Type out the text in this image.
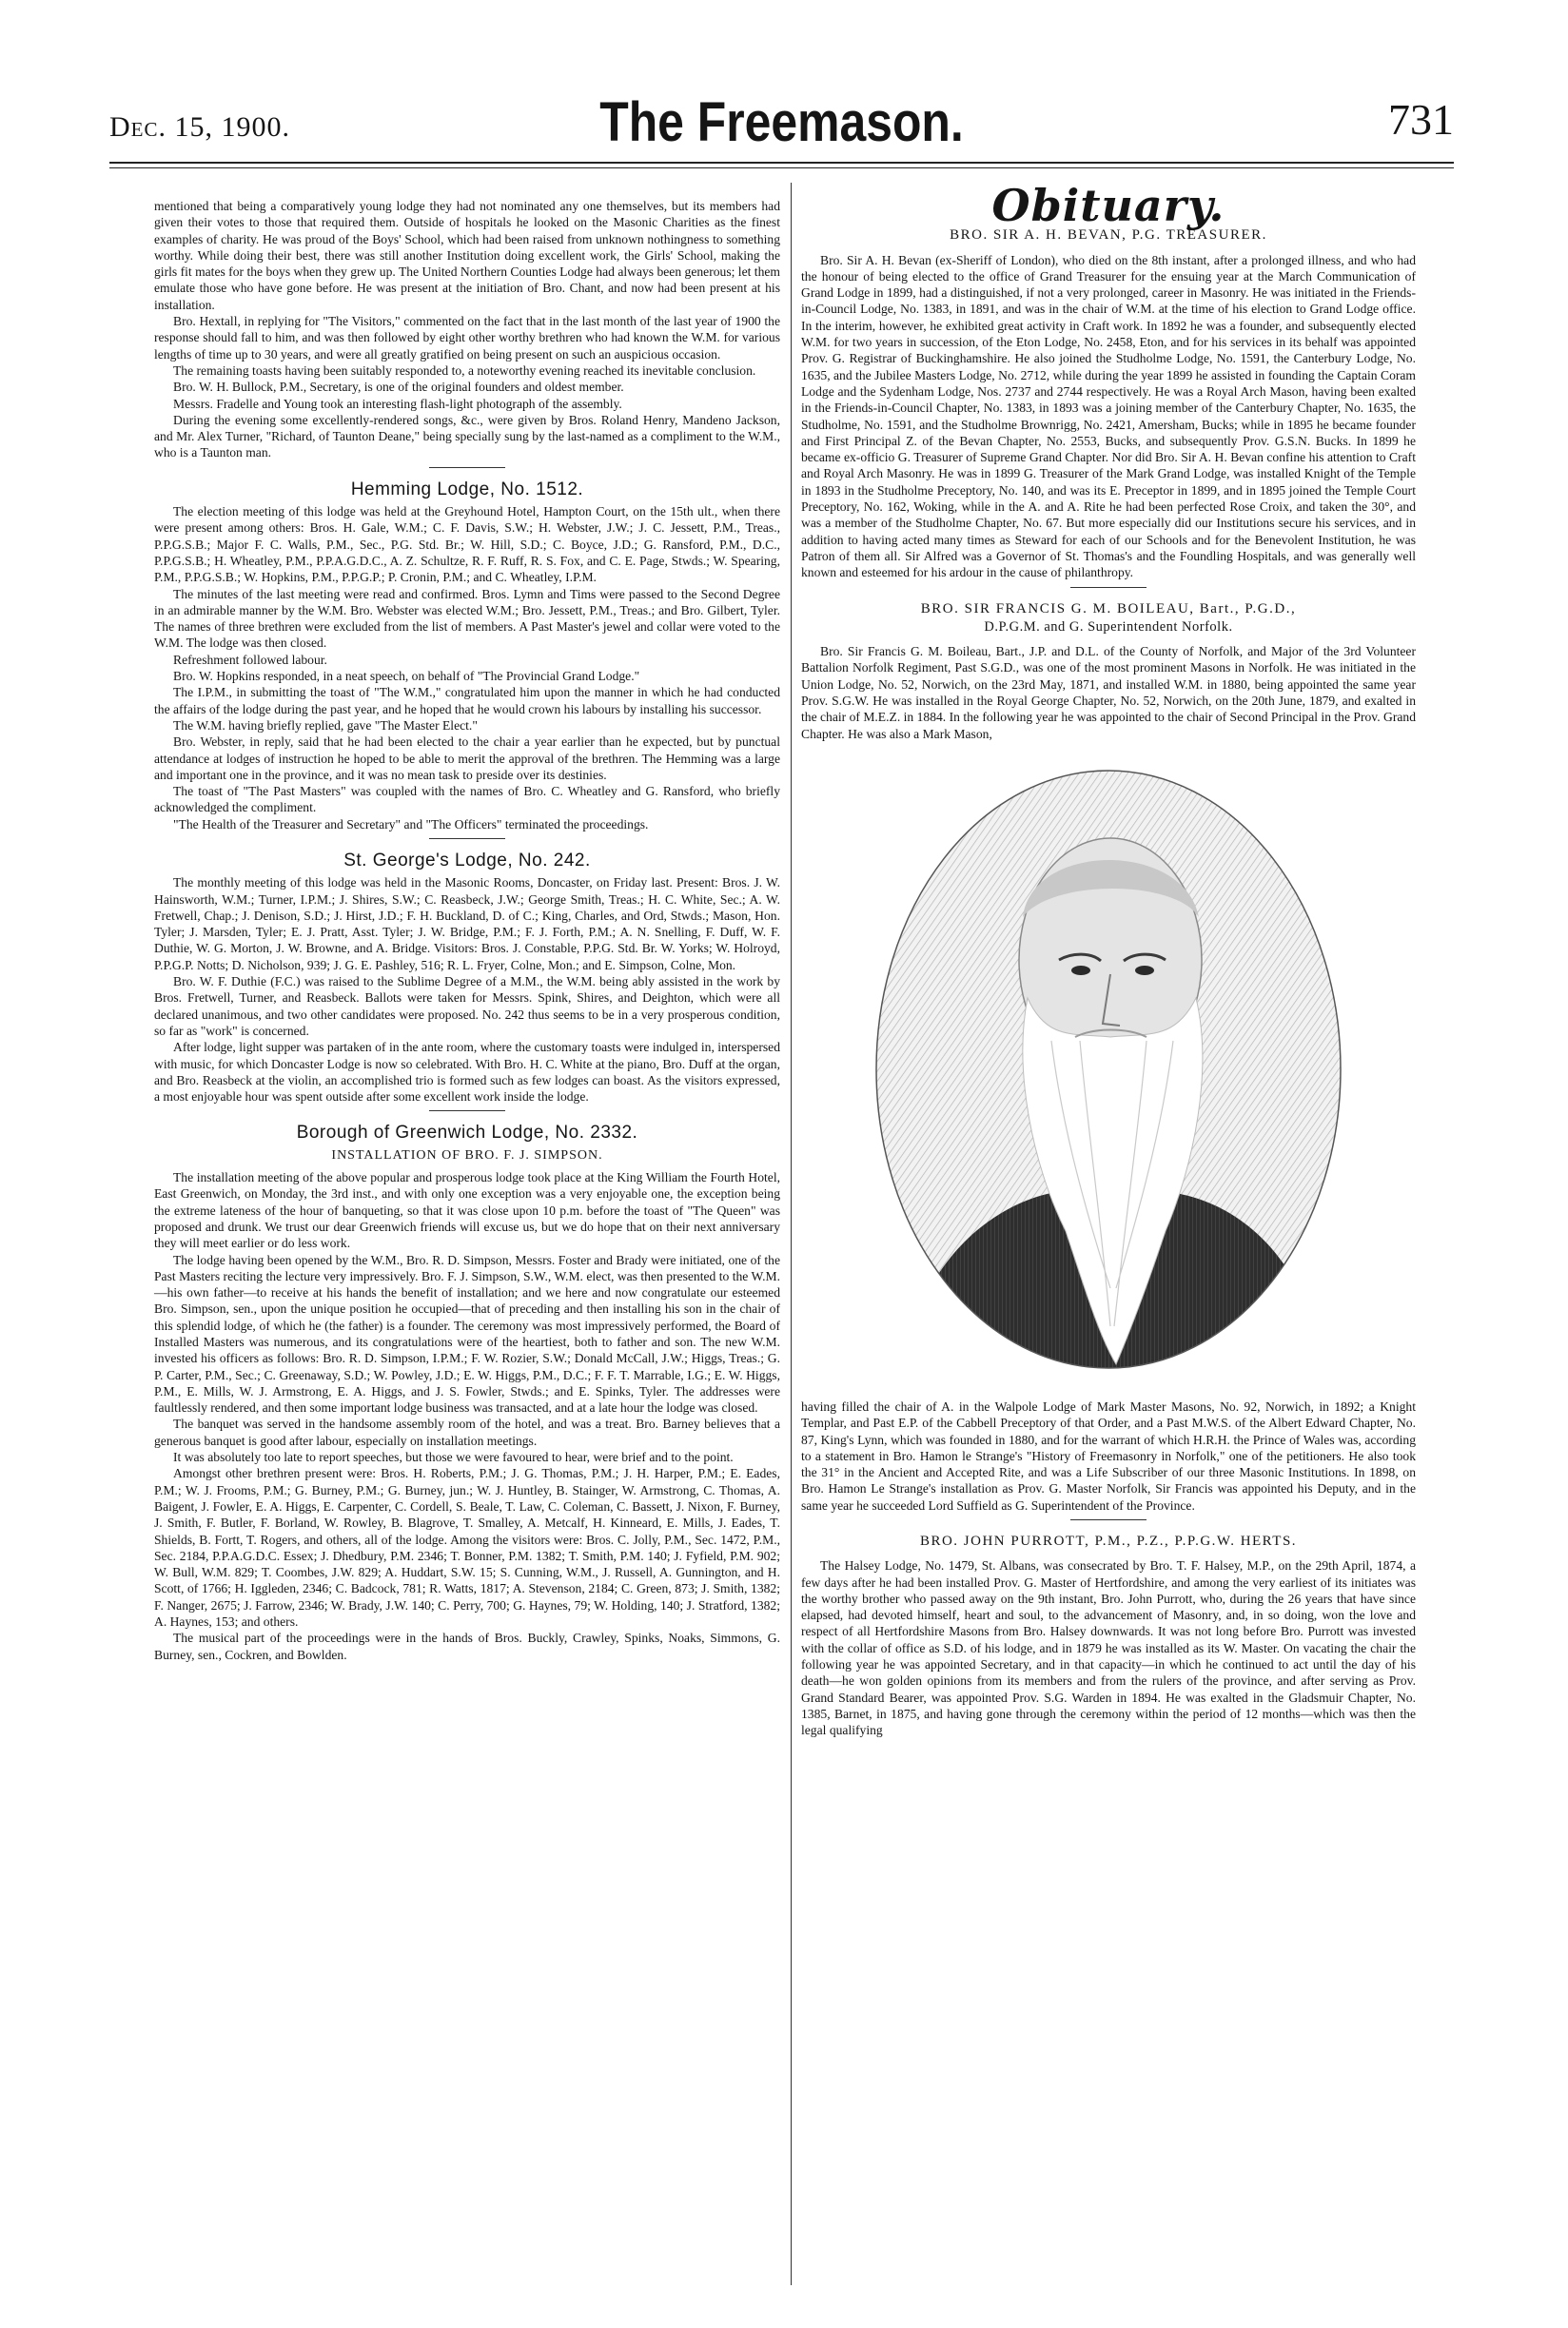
Dec. 15, 1900.	The Freemason.	731

mentioned that being a comparatively young lodge they had not nominated any one themselves, but its members had given their votes to those that required them. Outside of hospitals he looked on the Masonic Charities as the finest examples of charity. He was proud of the Boys' School, which had been raised from unknown nothingness to something worthy. While doing their best, there was still another Institution doing excellent work, the Girls' School, making the girls fit mates for the boys when they grew up. The United Northern Counties Lodge had always been generous; let them emulate those who have gone before. He was present at the initiation of Bro. Chant, and now had been present at his installation.

Bro. Hextall, in replying for "The Visitors," commented on the fact that in the last month of the last year of 1900 the response should fall to him, and was then followed by eight other worthy brethren who had known the W.M. for various lengths of time up to 30 years, and were all greatly gratified on being present on such an auspicious occasion.

The remaining toasts having been suitably responded to, a noteworthy evening reached its inevitable conclusion.

Bro. W. H. Bullock, P.M., Secretary, is one of the original founders and oldest member.

Messrs. Fradelle and Young took an interesting flash-light photograph of the assembly.

During the evening some excellently-rendered songs, &c., were given by Bros. Roland Henry, Mandeno Jackson, and Mr. Alex Turner, "Richard, of Taunton Deane," being specially sung by the last-named as a compliment to the W.M., who is a Taunton man.

Hemming Lodge, No. 1512.

The election meeting of this lodge was held at the Greyhound Hotel, Hampton Court, on the 15th ult., when there were present among others: Bros. H. Gale, W.M.; C. F. Davis, S.W.; H. Webster, J.W.; J. C. Jessett, P.M., Treas., P.P.G.S.B.; Major F. C. Walls, P.M., Sec., P.G. Std. Br.; W. Hill, S.D.; C. Boyce, J.D.; G. Ransford, P.M., D.C., P.P.G.S.B.; H. Wheatley, P.M., P.P.A.G.D.C., A. Z. Schultze, R. F. Ruff, R. S. Fox, and C. E. Page, Stwds.; W. Spearing, P.M., P.P.G.S.B.; W. Hopkins, P.M., P.P.G.P.; P. Cronin, P.M.; and C. Wheatley, I.P.M.

The minutes of the last meeting were read and confirmed. Bros. Lymn and Tims were passed to the Second Degree in an admirable manner by the W.M. Bro. Webster was elected W.M.; Bro. Jessett, P.M., Treas.; and Bro. Gilbert, Tyler. The names of three brethren were excluded from the list of members. A Past Master's jewel and collar were voted to the W.M. The lodge was then closed.

Refreshment followed labour.

Bro. W. Hopkins responded, in a neat speech, on behalf of "The Provincial Grand Lodge."

The I.P.M., in submitting the toast of "The W.M.," congratulated him upon the manner in which he had conducted the affairs of the lodge during the past year, and he hoped that he would crown his labours by installing his successor.

The W.M. having briefly replied, gave "The Master Elect."

Bro. Webster, in reply, said that he had been elected to the chair a year earlier than he expected, but by punctual attendance at lodges of instruction he hoped to be able to merit the approval of the brethren. The Hemming was a large and important one in the province, and it was no mean task to preside over its destinies.

The toast of "The Past Masters" was coupled with the names of Bro. C. Wheatley and G. Ransford, who briefly acknowledged the compliment.

"The Health of the Treasurer and Secretary" and "The Officers" terminated the proceedings.

St. George's Lodge, No. 242.

The monthly meeting of this lodge was held in the Masonic Rooms, Doncaster, on Friday last. Present: Bros. J. W. Hainsworth, W.M.; Turner, I.P.M.; J. Shires, S.W.; C. Reasbeck, J.W.; George Smith, Treas.; H. C. White, Sec.; A. W. Fretwell, Chap.; J. Denison, S.D.; J. Hirst, J.D.; F. H. Buckland, D. of C.; King, Charles, and Ord, Stwds.; Mason, Hon. Tyler; J. Marsden, Tyler; E. J. Pratt, Asst. Tyler; J. W. Bridge, P.M.; F. J. Forth, P.M.; A. N. Snelling, F. Duff, W. F. Duthie, W. G. Morton, J. W. Browne, and A. Bridge. Visitors: Bros. J. Constable, P.P.G. Std. Br. W. Yorks; W. Holroyd, P.P.G.P. Notts; D. Nicholson, 939; J. G. E. Pashley, 516; R. L. Fryer, Colne, Mon.; and E. Simpson, Colne, Mon.

Bro. W. F. Duthie (F.C.) was raised to the Sublime Degree of a M.M., the W.M. being ably assisted in the work by Bros. Fretwell, Turner, and Reasbeck. Ballots were taken for Messrs. Spink, Shires, and Deighton, which were all declared unanimous, and two other candidates were proposed. No. 242 thus seems to be in a very prosperous condition, so far as "work" is concerned.

After lodge, light supper was partaken of in the ante room, where the customary toasts were indulged in, interspersed with music, for which Doncaster Lodge is now so celebrated. With Bro. H. C. White at the piano, Bro. Duff at the organ, and Bro. Reasbeck at the violin, an accomplished trio is formed such as few lodges can boast. As the visitors expressed, a most enjoyable hour was spent outside after some excellent work inside the lodge.

Borough of Greenwich Lodge, No. 2332.
INSTALLATION OF BRO. F. J. SIMPSON.

The installation meeting of the above popular and prosperous lodge took place at the King William the Fourth Hotel, East Greenwich, on Monday, the 3rd inst., and with only one exception was a very enjoyable one, the exception being the extreme lateness of the hour of banqueting, so that it was close upon 10 p.m. before the toast of "The Queen" was proposed and drunk. We trust our dear Greenwich friends will excuse us, but we do hope that on their next anniversary they will meet earlier or do less work.

The lodge having been opened by the W.M., Bro. R. D. Simpson, Messrs. Foster and Brady were initiated, one of the Past Masters reciting the lecture very impressively. Bro. F. J. Simpson, S.W., W.M. elect, was then presented to the W.M.—his own father—to receive at his hands the benefit of installation; and we here and now congratulate our esteemed Bro. Simpson, sen., upon the unique position he occupied—that of preceding and then installing his son in the chair of this splendid lodge, of which he (the father) is a founder. The ceremony was most impressively performed, the Board of Installed Masters was numerous, and its congratulations were of the heartiest, both to father and son. The new W.M. invested his officers as follows: Bro. R. D. Simpson, I.P.M.; F. W. Rozier, S.W.; Donald McCall, J.W.; Higgs, Treas.; G. P. Carter, P.M., Sec.; C. Greenaway, S.D.; W. Powley, J.D.; E. W. Higgs, P.M., D.C.; F. F. T. Marrable, I.G.; E. W. Higgs, P.M., E. Mills, W. J. Armstrong, E. A. Higgs, and J. S. Fowler, Stwds.; and E. Spinks, Tyler. The addresses were faultlessly rendered, and then some important lodge business was transacted, and at a late hour the lodge was closed.

The banquet was served in the handsome assembly room of the hotel, and was a treat. Bro. Barney believes that a generous banquet is good after labour, especially on installation meetings.

It was absolutely too late to report speeches, but those we were favoured to hear, were brief and to the point.

Amongst other brethren present were: Bros. H. Roberts, P.M.; J. G. Thomas, P.M.; J. H. Harper, P.M.; E. Eades, P.M.; W. J. Frooms, P.M.; G. Burney, P.M.; G. Burney, jun.; W. J. Huntley, B. Stainger, W. Armstrong, C. Thomas, A. Baigent, J. Fowler, E. A. Higgs, E. Carpenter, C. Cordell, S. Beale, T. Law, C. Coleman, C. Bassett, J. Nixon, F. Burney, J. Smith, F. Butler, F. Borland, W. Rowley, B. Blagrove, T. Smalley, A. Metcalf, H. Kinneard, E. Mills, J. Eades, T. Shields, B. Fortt, T. Rogers, and others, all of the lodge. Among the visitors were: Bros. C. Jolly, P.M., Sec. 1472, P.M., Sec. 2184, P.P.A.G.D.C. Essex; J. Dhedbury, P.M. 2346; T. Bonner, P.M. 1382; T. Smith, P.M. 140; J. Fyfield, P.M. 902; W. Bull, W.M. 829; T. Coombes, J.W. 829; A. Huddart, S.W. 15; S. Cunning, W.M., J. Russell, A. Gunnington, and H. Scott, of 1766; H. Iggleden, 2346; C. Badcock, 781; R. Watts, 1817; A. Stevenson, 2184; C. Green, 873; J. Smith, 1382; F. Nanger, 2675; J. Farrow, 2346; W. Brady, J.W. 140; C. Perry, 700; G. Haynes, 79; W. Holding, 140; J. Stratford, 1382; A. Haynes, 153; and others.

The musical part of the proceedings were in the hands of Bros. Buckly, Crawley, Spinks, Noaks, Simmons, G. Burney, sen., Cockren, and Bowlden.

Obituary.
BRO. SIR A. H. BEVAN, P.G. TREASURER.

Bro. Sir A. H. Bevan (ex-Sheriff of London), who died on the 8th instant, after a prolonged illness, and who had the honour of being elected to the office of Grand Treasurer for the ensuing year at the March Communication of Grand Lodge in 1899, had a distinguished, if not a very prolonged, career in Masonry. He was initiated in the Friends-in-Council Lodge, No. 1383, in 1891, and was in the chair of W.M. at the time of his election to Grand Lodge office. In the interim, however, he exhibited great activity in Craft work. In 1892 he was a founder, and subsequently elected W.M. for two years in succession, of the Eton Lodge, No. 2458, Eton, and for his services in its behalf was appointed Prov. G. Registrar of Buckinghamshire. He also joined the Studholme Lodge, No. 1591, the Canterbury Lodge, No. 1635, and the Jubilee Masters Lodge, No. 2712, while during the year 1899 he assisted in founding the Captain Coram Lodge and the Sydenham Lodge, Nos. 2737 and 2744 respectively. He was a Royal Arch Mason, having been exalted in the Friends-in-Council Chapter, No. 1383, in 1893 was a joining member of the Canterbury Chapter, No. 1635, the Studholme, No. 1591, and the Studholme Brownrigg, No. 2421, Amersham, Bucks; while in 1895 he became founder and First Principal Z. of the Bevan Chapter, No. 2553, Bucks, and subsequently Prov. G.S.N. Bucks. In 1899 he became ex-officio G. Treasurer of Supreme Grand Chapter. Nor did Bro. Sir A. H. Bevan confine his attention to Craft and Royal Arch Masonry. He was in 1899 G. Treasurer of the Mark Grand Lodge, was installed Knight of the Temple in 1893 in the Studholme Preceptory, No. 140, and was its E. Preceptor in 1899, and in 1895 joined the Temple Court Preceptory, No. 162, Woking, while in the A. and A. Rite he had been perfected Rose Croix, and taken the 30°, and was a member of the Studholme Chapter, No. 67. But more especially did our Institutions secure his services, and in addition to having acted many times as Steward for each of our Schools and for the Benevolent Institution, he was Patron of them all. Sir Alfred was a Governor of St. Thomas's and the Foundling Hospitals, and was generally well known and esteemed for his ardour in the cause of philanthropy.

BRO. SIR FRANCIS G. M. BOILEAU, Bart., P.G.D.,
D.P.G.M. and G. Superintendent Norfolk.

Bro. Sir Francis G. M. Boileau, Bart., J.P. and D.L. of the County of Norfolk, and Major of the 3rd Volunteer Battalion Norfolk Regiment, Past S.G.D., was one of the most prominent Masons in Norfolk. He was initiated in the Union Lodge, No. 52, Norwich, on the 23rd May, 1871, and installed W.M. in 1880, being appointed the same year Prov. S.G.W. He was installed in the Royal George Chapter, No. 52, Norwich, on the 20th June, 1879, and exalted in the chair of M.E.Z. in 1884. In the following year he was appointed to the chair of Second Principal in the Prov. Grand Chapter. He was also a Mark Mason,

having filled the chair of A. in the Walpole Lodge of Mark Master Masons, No. 92, Norwich, in 1892; a Knight Templar, and Past E.P. of the Cabbell Preceptory of that Order, and a Past M.W.S. of the Albert Edward Chapter, No. 87, King's Lynn, which was founded in 1880, and for the warrant of which H.R.H. the Prince of Wales was, according to a statement in Bro. Hamon le Strange's "History of Freemasonry in Norfolk," one of the petitioners. He also took the 31° in the Ancient and Accepted Rite, and was a Life Subscriber of our three Masonic Institutions. In 1898, on Bro. Hamon Le Strange's installation as Prov. G. Master Norfolk, Sir Francis was appointed his Deputy, and in the same year he succeeded Lord Suffield as G. Superintendent of the Province.

BRO. JOHN PURROTT, P.M., P.Z., P.P.G.W. HERTS.

The Halsey Lodge, No. 1479, St. Albans, was consecrated by Bro. T. F. Halsey, M.P., on the 29th April, 1874, a few days after he had been installed Prov. G. Master of Hertfordshire, and among the very earliest of its initiates was the worthy brother who passed away on the 9th instant, Bro. John Purrott, who, during the 26 years that have since elapsed, had devoted himself, heart and soul, to the advancement of Masonry, and, in so doing, won the love and respect of all Hertfordshire Masons from Bro. Halsey downwards. It was not long before Bro. Purrott was invested with the collar of office as S.D. of his lodge, and in 1879 he was installed as its W. Master. On vacating the chair the following year he was appointed Secretary, and in that capacity—in which he continued to act until the day of his death—he won golden opinions from its members and from the rulers of the province, and after serving as Prov. Grand Standard Bearer, was appointed Prov. S.G. Warden in 1894. He was exalted in the Gladsmuir Chapter, No. 1385, Barnet, in 1875, and having gone through the ceremony within the period of 12 months—which was then the legal qualifying
